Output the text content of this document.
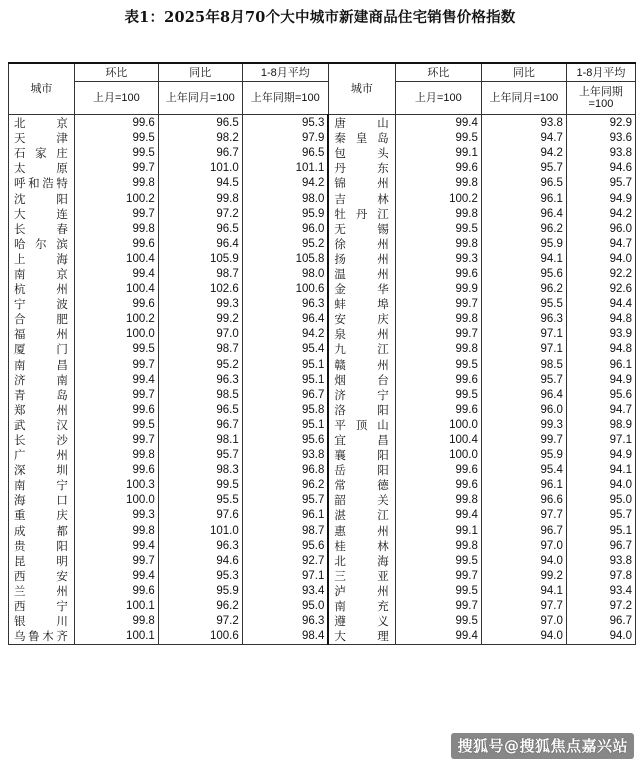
表1：2025年8月70个大中城市新建商品住宅销售价格指数
城市	环比	同比	1-8月平均	城市	环比	同比	1-8月平均
	上月=100	上年同月=100	上年同期=100		上月=100	上年同月=100	上年同期=100
北京	99.6	96.5	95.3	唐山	99.4	93.8	92.9
天津	99.5	98.2	97.9	秦皇岛	99.5	94.7	93.6
石家庄	99.5	96.7	96.5	包头	99.1	94.2	93.8
太原	99.7	101.0	101.1	丹东	99.6	95.7	94.6
呼和浩特	99.8	94.5	94.2	锦州	99.8	96.5	95.7
沈阳	100.2	99.8	98.0	吉林	100.2	96.1	94.9
大连	99.7	97.2	95.9	牡丹江	99.8	96.4	94.2
长春	99.8	96.5	96.0	无锡	99.5	96.2	96.0
哈尔滨	99.6	96.4	95.2	徐州	99.8	95.9	94.7
上海	100.4	105.9	105.8	扬州	99.3	94.1	94.0
南京	99.4	98.7	98.0	温州	99.6	95.6	92.2
杭州	100.4	102.6	100.6	金华	99.9	96.2	92.6
宁波	99.6	99.3	96.3	蚌埠	99.7	95.5	94.4
合肥	100.2	99.2	96.4	安庆	99.8	96.3	94.8
福州	100.0	97.0	94.2	泉州	99.7	97.1	93.9
厦门	99.5	98.7	95.4	九江	99.8	97.1	94.8
南昌	99.7	95.2	95.1	赣州	99.5	98.5	96.1
济南	99.4	96.3	95.1	烟台	99.6	95.7	94.9
青岛	99.7	98.5	96.7	济宁	99.5	96.4	95.6
郑州	99.6	96.5	95.8	洛阳	99.6	96.0	94.7
武汉	99.5	96.7	95.1	平顶山	100.0	99.3	98.9
长沙	99.7	98.1	95.6	宜昌	100.4	99.7	97.1
广州	99.8	95.7	93.8	襄阳	100.0	95.9	94.9
深圳	99.6	98.3	96.8	岳阳	99.6	95.4	94.1
南宁	100.3	99.5	96.2	常德	99.6	96.1	94.0
海口	100.0	95.5	95.7	韶关	99.8	96.6	95.0
重庆	99.3	97.6	96.1	湛江	99.4	97.7	95.7
成都	99.8	101.0	98.7	惠州	99.1	96.7	95.1
贵阳	99.4	96.3	95.6	桂林	99.8	97.0	96.7
昆明	99.7	94.6	92.7	北海	99.5	94.0	93.8
西安	99.4	95.3	97.1	三亚	99.7	99.2	97.8
兰州	99.6	95.9	93.4	泸州	99.5	94.1	93.4
西宁	100.1	96.2	95.0	南充	99.7	97.7	97.2
银川	99.8	97.2	96.3	遵义	99.5	97.0	96.7
乌鲁木齐	100.1	100.6	98.4	大理	99.4	94.0	94.0
搜狐号@搜狐焦点嘉兴站
